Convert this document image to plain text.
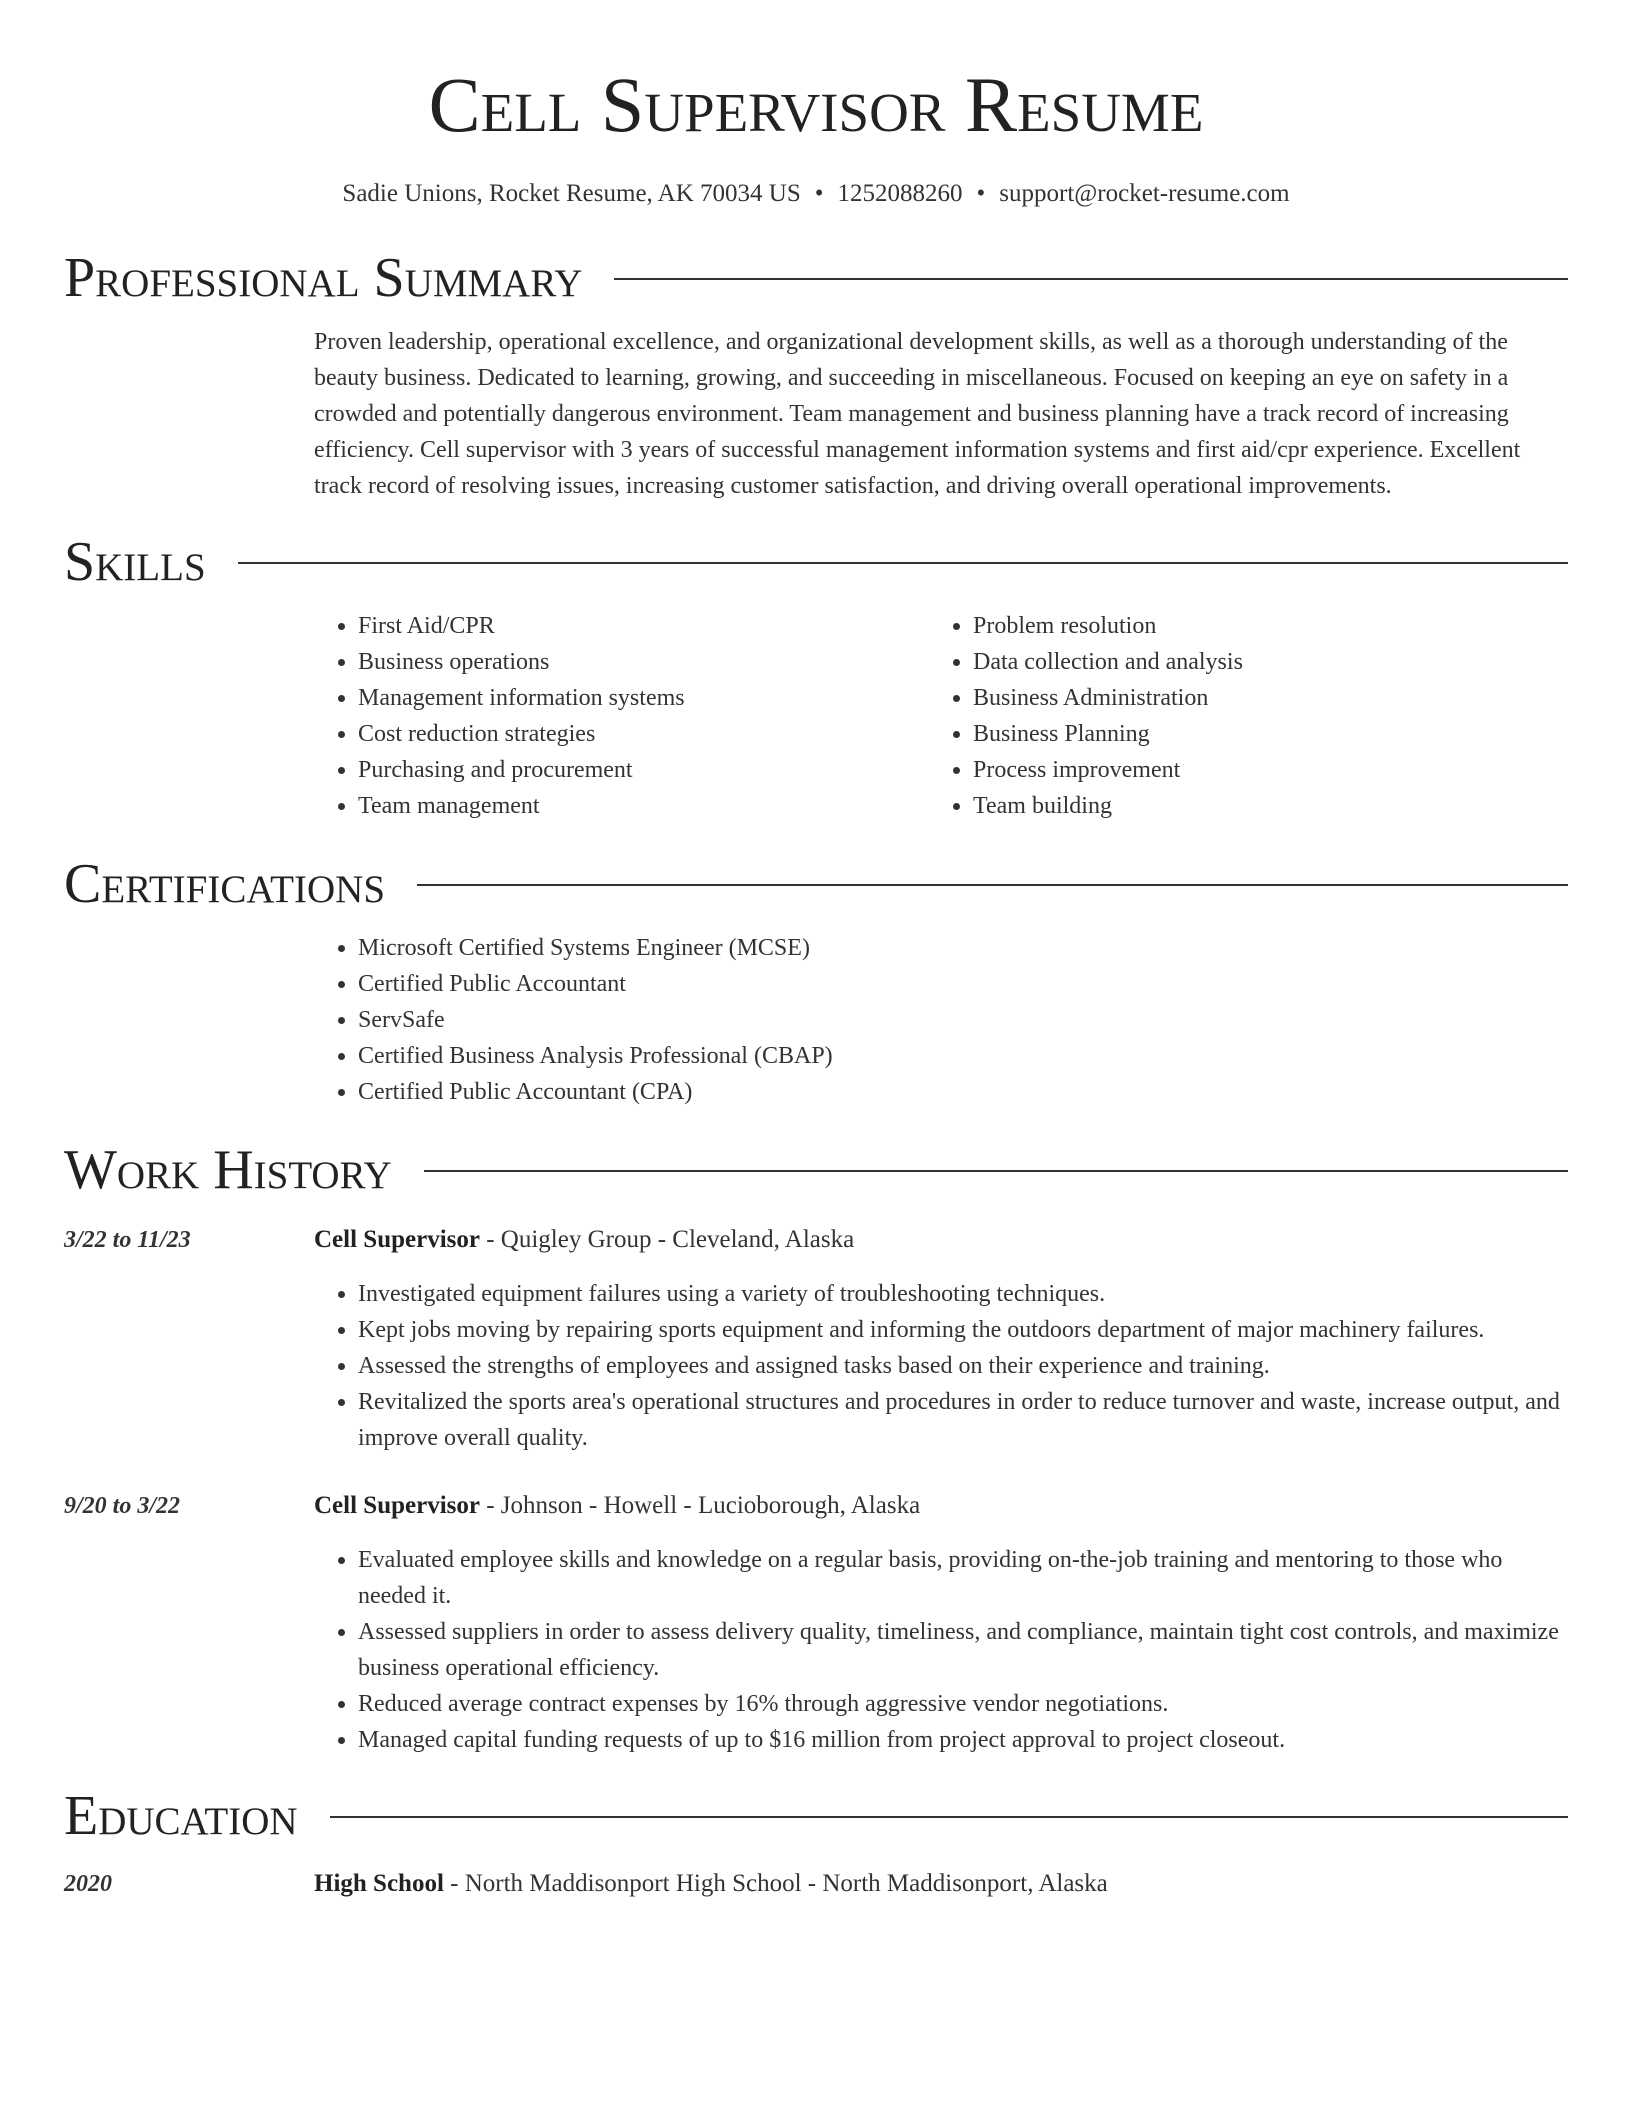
Cell Supervisor Resume
Sadie Unions, Rocket Resume, AK 70034 US • 1252088260 • support@rocket-resume.com
Professional Summary
Proven leadership, operational excellence, and organizational development skills, as well as a thorough understanding of the beauty business. Dedicated to learning, growing, and succeeding in miscellaneous. Focused on keeping an eye on safety in a crowded and potentially dangerous environment. Team management and business planning have a track record of increasing efficiency. Cell supervisor with 3 years of successful management information systems and first aid/cpr experience. Excellent track record of resolving issues, increasing customer satisfaction, and driving overall operational improvements.
Skills
• First Aid/CPR
• Business operations
• Management information systems
• Cost reduction strategies
• Purchasing and procurement
• Team management
• Problem resolution
• Data collection and analysis
• Business Administration
• Business Planning
• Process improvement
• Team building
Certifications
• Microsoft Certified Systems Engineer (MCSE)
• Certified Public Accountant
• ServSafe
• Certified Business Analysis Professional (CBAP)
• Certified Public Accountant (CPA)
Work History
3/22 to 11/23	Cell Supervisor - Quigley Group - Cleveland, Alaska
• Investigated equipment failures using a variety of troubleshooting techniques.
• Kept jobs moving by repairing sports equipment and informing the outdoors department of major machinery failures.
• Assessed the strengths of employees and assigned tasks based on their experience and training.
• Revitalized the sports area's operational structures and procedures in order to reduce turnover and waste, increase output, and improve overall quality.
9/20 to 3/22	Cell Supervisor - Johnson - Howell - Lucioborough, Alaska
• Evaluated employee skills and knowledge on a regular basis, providing on-the-job training and mentoring to those who needed it.
• Assessed suppliers in order to assess delivery quality, timeliness, and compliance, maintain tight cost controls, and maximize business operational efficiency.
• Reduced average contract expenses by 16% through aggressive vendor negotiations.
• Managed capital funding requests of up to $16 million from project approval to project closeout.
Education
2020	High School - North Maddisonport High School - North Maddisonport, Alaska
